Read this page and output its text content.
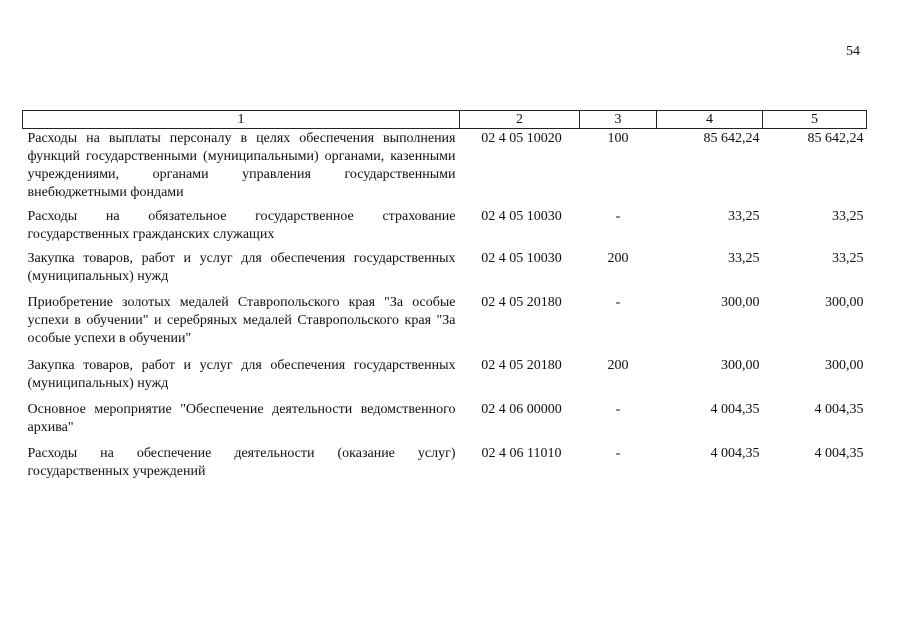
54
1	2	3	4	5
Расходы на выплаты персоналу в целях обеспечения выполнения функций государственными (муниципальными) органами, казенными учреждениями, органами управления государственными внебюджетными фондами	02 4 05 10020	100	85 642,24	85 642,24
Расходы на обязательное государственное страхование государственных гражданских служащих	02 4 05 10030	-	33,25	33,25
Закупка товаров, работ и услуг для обеспечения государственных (муниципальных) нужд	02 4 05 10030	200	33,25	33,25
Приобретение золотых медалей Ставропольского края "За особые успехи в обучении" и серебряных медалей Ставропольского края "За особые успехи в обучении"	02 4 05 20180	-	300,00	300,00
Закупка товаров, работ и услуг для обеспечения государственных (муниципальных) нужд	02 4 05 20180	200	300,00	300,00
Основное мероприятие "Обеспечение деятельности ведомственного архива"	02 4 06 00000	-	4 004,35	4 004,35
Расходы на обеспечение деятельности (оказание услуг) государственных учреждений	02 4 06 11010	-	4 004,35	4 004,35
